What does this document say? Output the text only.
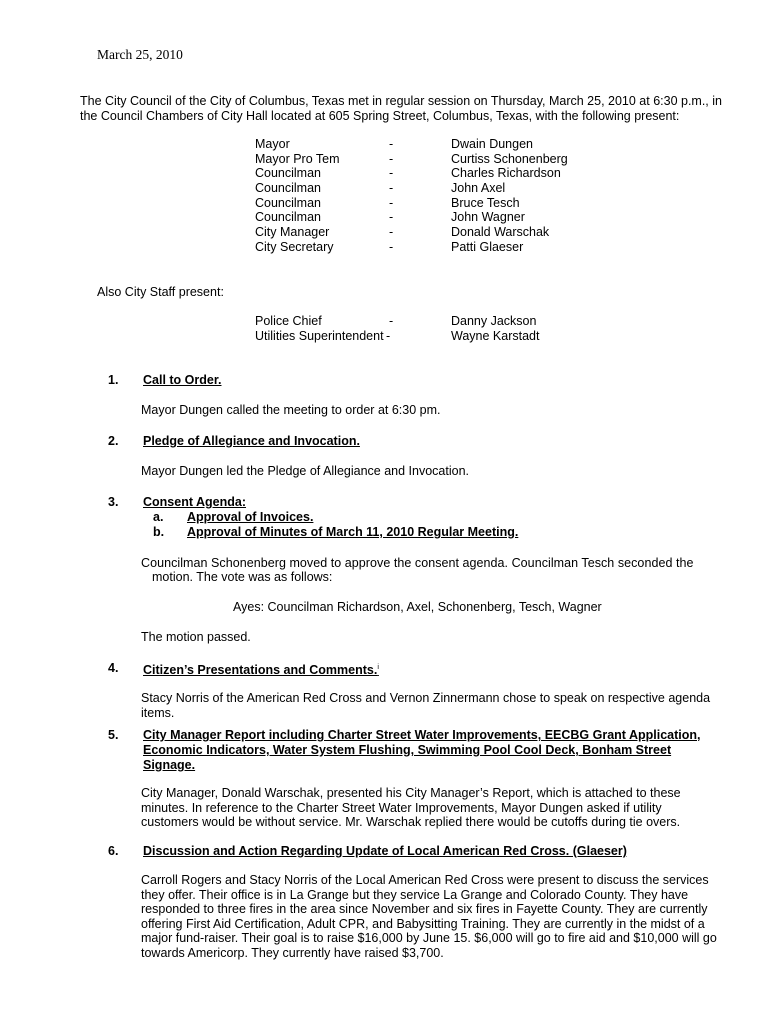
March 25, 2010
The City Council of the City of Columbus, Texas met in regular session on Thursday, March 25, 2010 at 6:30 p.m., in the Council Chambers of City Hall located at 605 Spring Street, Columbus, Texas, with the following present:
Mayor	-	Dwain Dungen
Mayor Pro Tem	-	Curtiss Schonenberg
Councilman	-	Charles Richardson
Councilman	-	John Axel
Councilman	-	Bruce Tesch
Councilman	-	John Wagner
City Manager	-	Donald Warschak
City Secretary	-	Patti Glaeser
Also City Staff present:
Police Chief	-	Danny Jackson
Utilities Superintendent -	Wayne Karstadt
1. Call to Order.
Mayor Dungen called the meeting to order at 6:30 pm.
2. Pledge of Allegiance and Invocation.
Mayor Dungen led the Pledge of Allegiance and Invocation.
3. Consent Agenda:
a. Approval of Invoices.
b. Approval of Minutes of March 11, 2010 Regular Meeting.
Councilman Schonenberg moved to approve the consent agenda. Councilman Tesch seconded the
motion. The vote was as follows:
Ayes: Councilman Richardson, Axel, Schonenberg, Tesch, Wagner
The motion passed.
4. Citizen’s Presentations and Comments.$^i$
Stacy Norris of the American Red Cross and Vernon Zinnermann chose to speak on respective agenda items.
5. City Manager Report including Charter Street Water Improvements, EECBG Grant Application,
Economic Indicators, Water System Flushing, Swimming Pool Cool Deck, Bonham Street
Signage.
City Manager, Donald Warschak, presented his City Manager’s Report, which is attached to these minutes. In reference to the Charter Street Water Improvements, Mayor Dungen asked if utility customers would be without service. Mr. Warschak replied there would be cutoffs during tie overs.
6. Discussion and Action Regarding Update of Local American Red Cross. (Glaeser)
Carroll Rogers and Stacy Norris of the Local American Red Cross were present to discuss the services they offer. Their office is in La Grange but they service La Grange and Colorado County. They have responded to three fires in the area since November and six fires in Fayette County. They are currently offering First Aid Certification, Adult CPR, and Babysitting Training. They are currently in the midst of a major fund-raiser. Their goal is to raise $16,000 by June 15. $6,000 will go to fire aid and $10,000 will go towards Americorp. They currently have raised $3,700.
